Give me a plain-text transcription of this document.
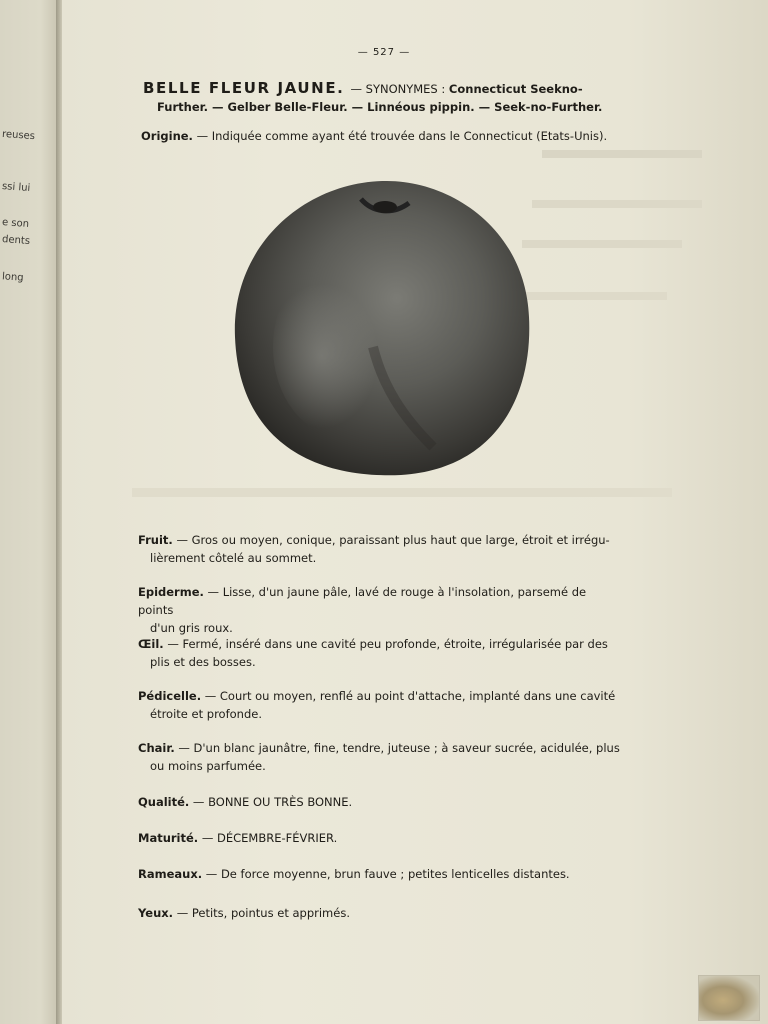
reuses
ssi lui
e son
dents
long
— 527 —
BELLE FLEUR JAUNE. — SYNONYMES : Connecticut Seekno-
Further. — Gelber Belle-Fleur. — Linnéous pippin. — Seek-no-Further.
Origine. — Indiquée comme ayant été trouvée dans le Connecticut (Etats-Unis).
Fruit. — Gros ou moyen, conique, paraissant plus haut que large, étroit et irrégu-
lièrement côtelé au sommet.
Epiderme. — Lisse, d'un jaune pâle, lavé de rouge à l'insolation, parsemé de points
d'un gris roux.
Œil. — Fermé, inséré dans une cavité peu profonde, étroite, irrégularisée par des
plis et des bosses.
Pédicelle. — Court ou moyen, renflé au point d'attache, implanté dans une cavité
étroite et profonde.
Chair. — D'un blanc jaunâtre, fine, tendre, juteuse ; à saveur sucrée, acidulée, plus
ou moins parfumée.
Qualité. — BONNE OU TRÈS BONNE.
Maturité. — DÉCEMBRE-FÉVRIER.
Rameaux. — De force moyenne, brun fauve ; petites lenticelles distantes.
Yeux. — Petits, pointus et apprimés.
